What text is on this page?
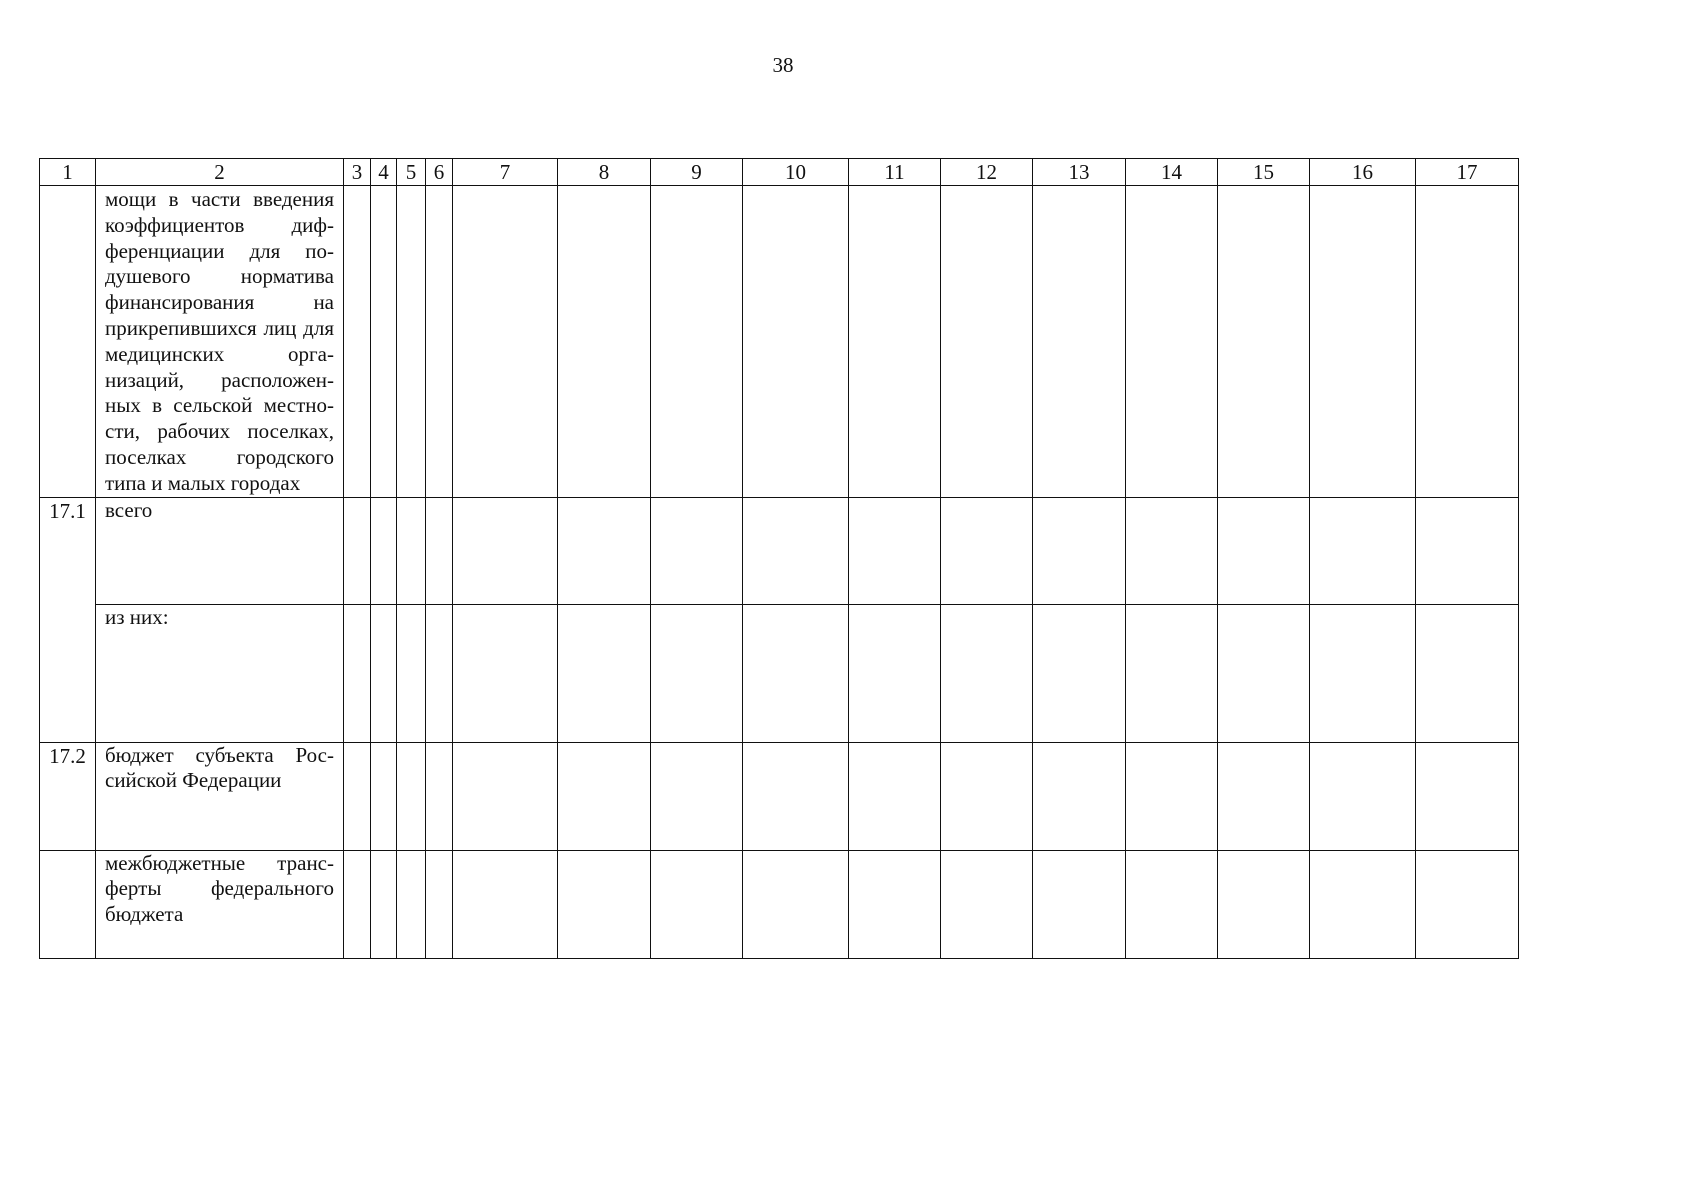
38
1	2	3	4	5	6	7	8	9	10	11	12	13	14	15	16	17
	мощи в части введения коэффициентов диф-ференциации для по-душевого норматива финансирования на прикрепившихся лиц для медицинских орга-низаций, расположен-ных в сельской местно-сти, рабочих поселках, поселках городского типа и малых городах															
17.1	всего															
	из них:															
17.2	бюджет субъекта Рос-сийской Федерации															
	межбюджетные транс-ферты федерального бюджета															
